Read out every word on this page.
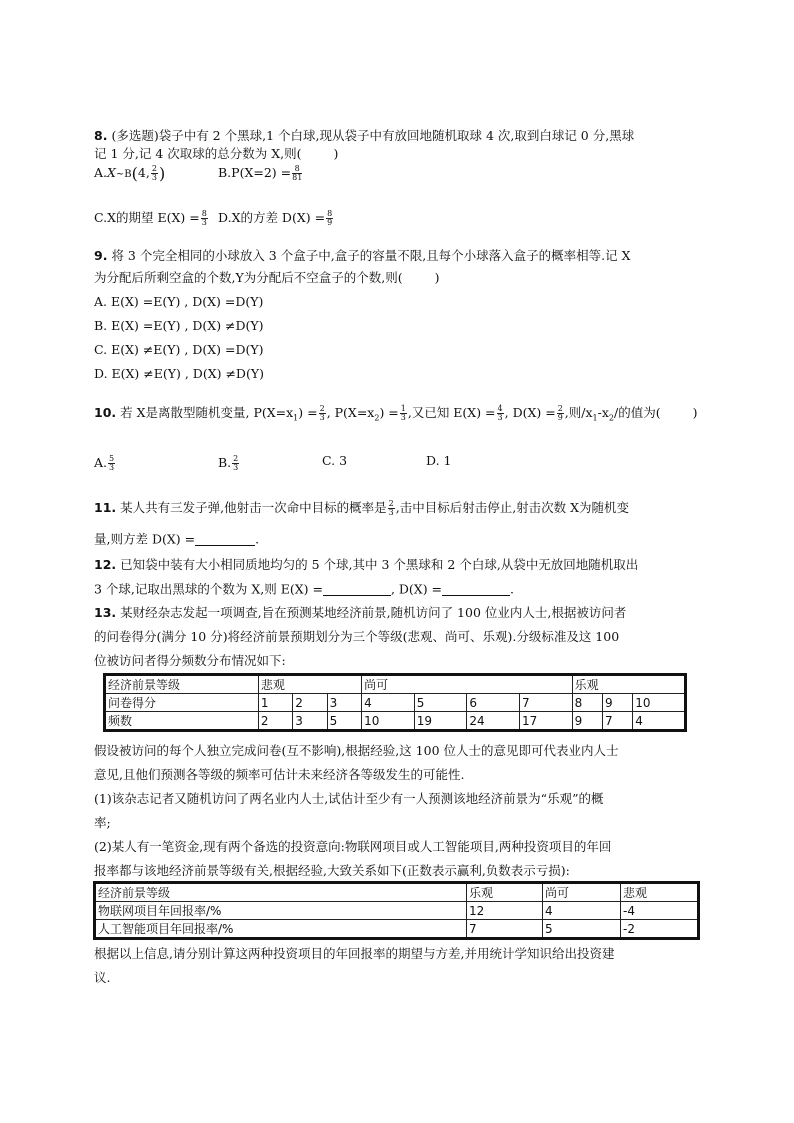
8. (多选题)袋子中有 2 个黑球,1 个白球,现从袋子中有放回地随机取球 4 次,取到白球记 0 分,黑球
记 1 分,记 4 次取球的总分数为 X,则(	)
A.X~B(4, $\frac{2}{3}$ )	$B.P(X=2) = \frac{8}{81}$
C.X的期望 $E(X) = \frac{8}{3} D.X$的方差 $D(X) = \frac{8}{9}$
9. 将 3 个完全相同的小球放入 3 个盒子中,盒子的容量不限,且每个小球落入盒子的概率相等.记 X
为分配后所剩空盒的个数,Y为分配后不空盒子的个数,则(	)
A. E(X) =E(Y) , D(X) =D(Y)
B. E(X) =E(Y) , D(X) ≠D(Y)
C. E(X) ≠E(Y) , D(X) =D(Y)
D. E(X) ≠E(Y) , D(X) ≠D(Y)
10. 若 X是离散型随机变量, $P(X=x_1) = \frac{2}{3}$ , $P(X=x_2) = \frac{1}{3}$ ,又已知 $E(X) = \frac{4}{3}$ , $D(X) = \frac{2}{9}$ ,则$/x_1-x_2/$的值为(	)
A. $\frac{5}{3}$	B. $\frac{2}{3}$	C. 3	D. 1
11. 某人共有三发子弹,他射击一次命中目标的概率是 $\frac{2}{3}$ ,击中目标后射击停止,射击次数 X为随机变
量,则方差 D(X) =	.
12. 已知袋中装有大小相同质地均匀的 5 个球,其中 3 个黑球和 2 个白球,从袋中无放回地随机取出
3 个球,记取出黑球的个数为 X,则 E(X) =	, D(X) =	.
13. 某财经杂志发起一项调查,旨在预测某地经济前景,随机访问了 100 位业内人士,根据被访问者
的问卷得分(满分 10 分)将经济前景预期划分为三个等级(悲观、尚可、乐观).分级标准及这 100
位被访问者得分频数分布情况如下:
经济前景等级	悲观			尚可				乐观		
问卷得分	1	2	3	4	5	6	7	8	9	10
频数	2	3	5	10	19	24	17	9	7	4
假设被访问的每个人独立完成问卷(互不影响),根据经验,这 100 位人士的意见即可代表业内人士
意见,且他们预测各等级的频率可估计未来经济各等级发生的可能性.
(1)该杂志记者又随机访问了两名业内人士,试估计至少有一人预测该地经济前景为“乐观”的概
率;
(2)某人有一笔资金,现有两个备选的投资意向:物联网项目或人工智能项目,两种投资项目的年回
报率都与该地经济前景等级有关,根据经验,大致关系如下(正数表示赢利,负数表示亏损):
经济前景等级	乐观	尚可	悲观
物联网项目年回报率/%	12	4	-4
人工智能项目年回报率/%	7	5	-2
根据以上信息,请分别计算这两种投资项目的年回报率的期望与方差,并用统计学知识给出投资建
议.
